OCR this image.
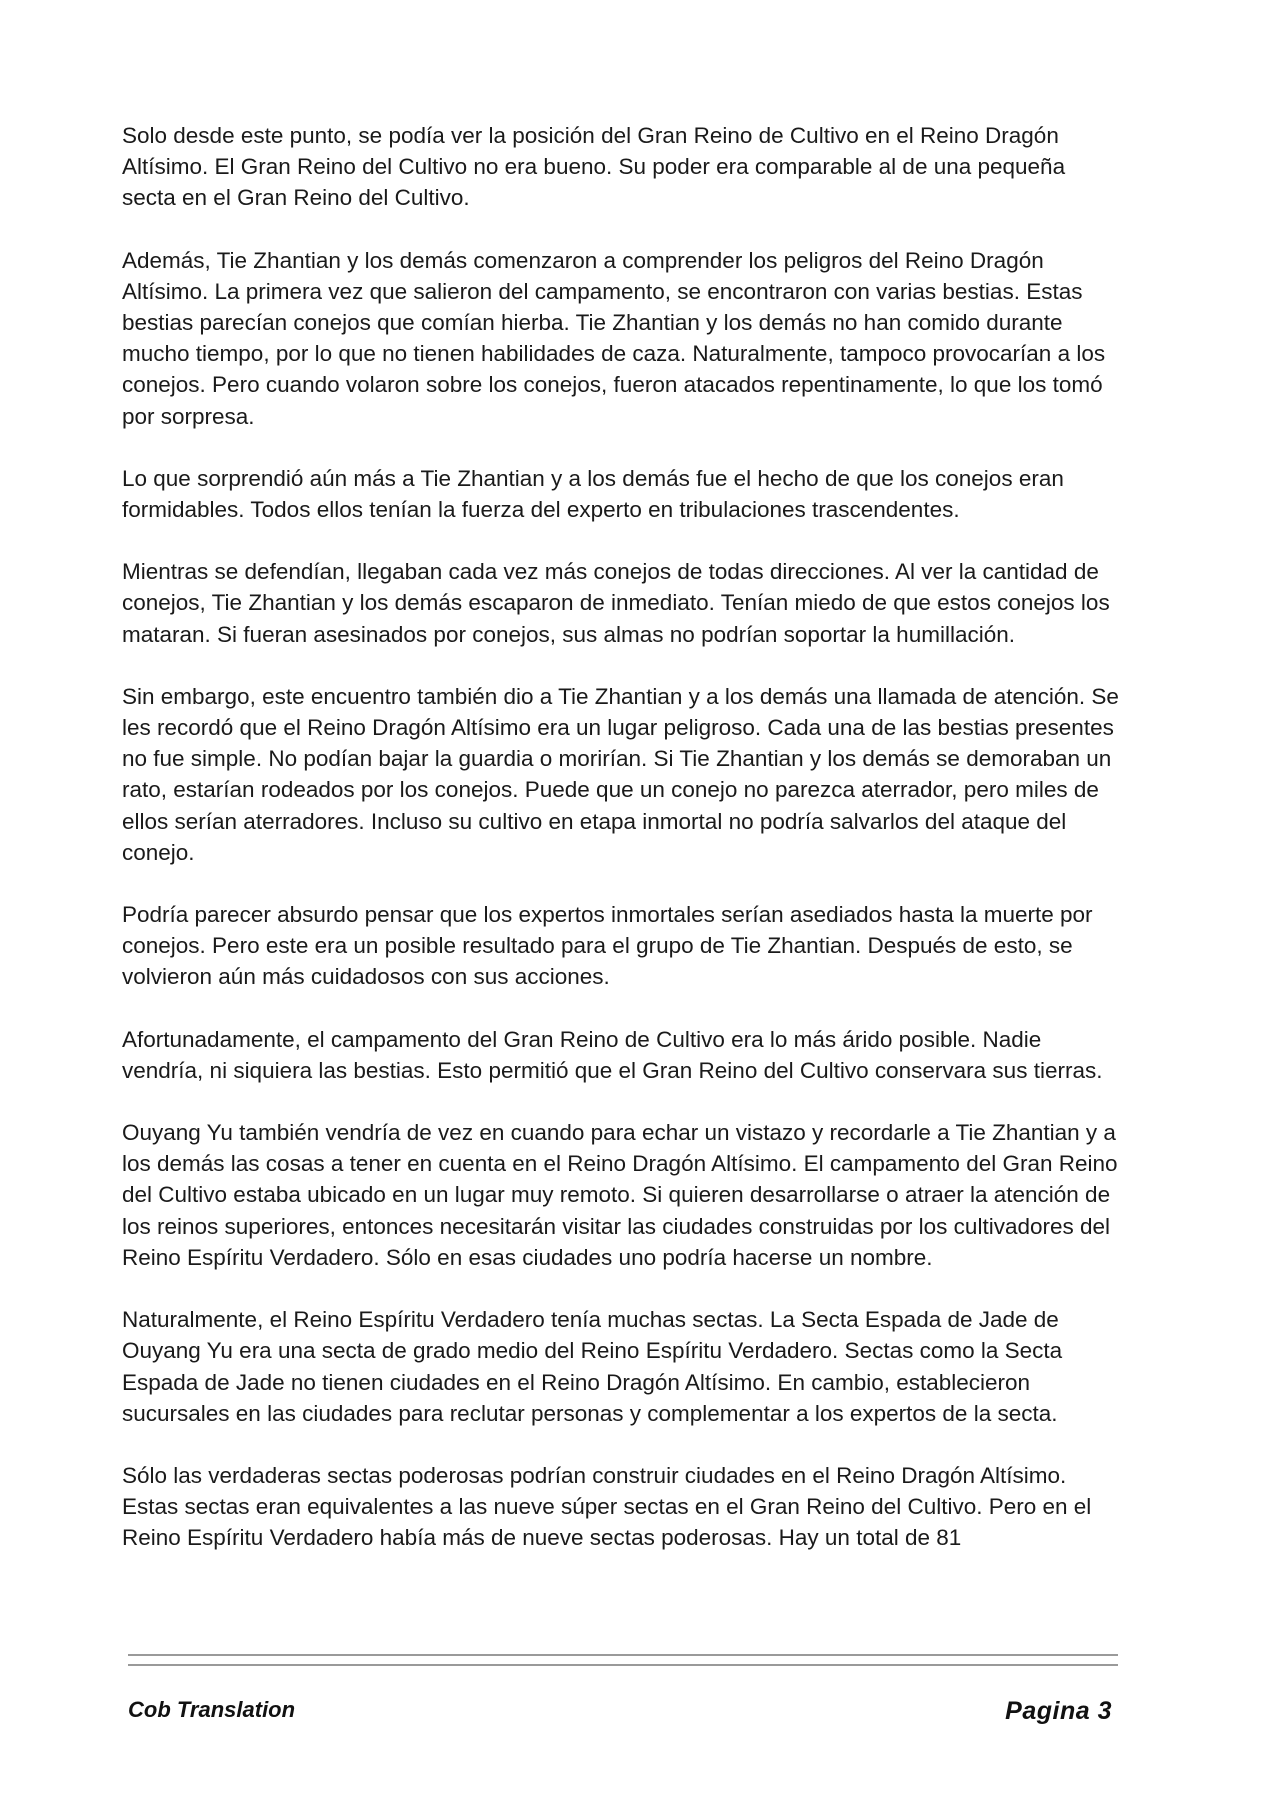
Solo desde este punto, se podía ver la posición del Gran Reino de Cultivo en el Reino Dragón Altísimo. El Gran Reino del Cultivo no era bueno. Su poder era comparable al de una pequeña secta en el Gran Reino del Cultivo.

Además, Tie Zhantian y los demás comenzaron a comprender los peligros del Reino Dragón Altísimo. La primera vez que salieron del campamento, se encontraron con varias bestias. Estas bestias parecían conejos que comían hierba. Tie Zhantian y los demás no han comido durante mucho tiempo, por lo que no tienen habilidades de caza. Naturalmente, tampoco provocarían a los conejos. Pero cuando volaron sobre los conejos, fueron atacados repentinamente, lo que los tomó por sorpresa.

Lo que sorprendió aún más a Tie Zhantian y a los demás fue el hecho de que los conejos eran formidables. Todos ellos tenían la fuerza del experto en tribulaciones trascendentes.

Mientras se defendían, llegaban cada vez más conejos de todas direcciones. Al ver la cantidad de conejos, Tie Zhantian y los demás escaparon de inmediato. Tenían miedo de que estos conejos los mataran. Si fueran asesinados por conejos, sus almas no podrían soportar la humillación.

Sin embargo, este encuentro también dio a Tie Zhantian y a los demás una llamada de atención. Se les recordó que el Reino Dragón Altísimo era un lugar peligroso. Cada una de las bestias presentes no fue simple. No podían bajar la guardia o morirían. Si Tie Zhantian y los demás se demoraban un rato, estarían rodeados por los conejos. Puede que un conejo no parezca aterrador, pero miles de ellos serían aterradores. Incluso su cultivo en etapa inmortal no podría salvarlos del ataque del conejo.

Podría parecer absurdo pensar que los expertos inmortales serían asediados hasta la muerte por conejos. Pero este era un posible resultado para el grupo de Tie Zhantian. Después de esto, se volvieron aún más cuidadosos con sus acciones.

Afortunadamente, el campamento del Gran Reino de Cultivo era lo más árido posible. Nadie vendría, ni siquiera las bestias. Esto permitió que el Gran Reino del Cultivo conservara sus tierras.

Ouyang Yu también vendría de vez en cuando para echar un vistazo y recordarle a Tie Zhantian y a los demás las cosas a tener en cuenta en el Reino Dragón Altísimo. El campamento del Gran Reino del Cultivo estaba ubicado en un lugar muy remoto. Si quieren desarrollarse o atraer la atención de los reinos superiores, entonces necesitarán visitar las ciudades construidas por los cultivadores del Reino Espíritu Verdadero. Sólo en esas ciudades uno podría hacerse un nombre.

Naturalmente, el Reino Espíritu Verdadero tenía muchas sectas. La Secta Espada de Jade de Ouyang Yu era una secta de grado medio del Reino Espíritu Verdadero. Sectas como la Secta Espada de Jade no tienen ciudades en el Reino Dragón Altísimo. En cambio, establecieron sucursales en las ciudades para reclutar personas y complementar a los expertos de la secta.

Sólo las verdaderas sectas poderosas podrían construir ciudades en el Reino Dragón Altísimo. Estas sectas eran equivalentes a las nueve súper sectas en el Gran Reino del Cultivo. Pero en el Reino Espíritu Verdadero había más de nueve sectas poderosas. Hay un total de 81

Cob Translation	Pagina 3
